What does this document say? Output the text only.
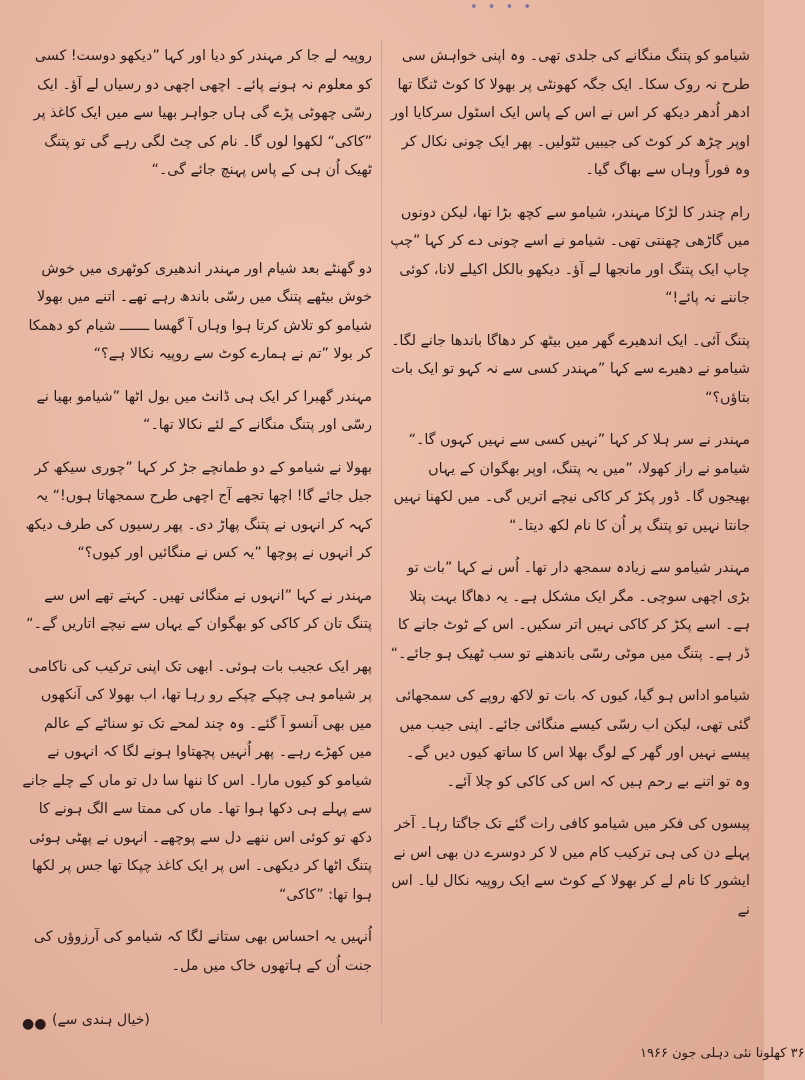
• • • •

شیامو کو پتنگ منگانے کی جلدی تھی۔ وہ اپنی خواہش سی طرح نہ روک سکا۔ ایک جگہ کھونٹی پر بھولا کا کوٹ ٹنگا تھا ادھر اُدھر دیکھ کر اس نے اس کے پاس ایک اسٹول سرکایا اور اوپر چڑھ کر کوٹ کی جیبیں ٹٹولیں۔ پھر ایک چونی نکال کر وہ فوراً وہاں سے بھاگ گیا۔

رام چندر کا لڑکا مہندر، شیامو سے کچھ بڑا تھا، لیکن دونوں میں گاڑھی چھنتی تھی۔ شیامو نے اسے چونی دے کر کہا ”چپ چاپ ایک پتنگ اور مانجھا لے آؤ۔ دیکھو بالکل اکیلے لانا، کوئی جاننے نہ پائے!“

پتنگ آئی۔ ایک اندھیرے گھر میں بیٹھ کر دھاگا باندھا جانے لگا۔ شیامو نے دھیرے سے کہا ”مہندر کسی سے نہ کہو تو ایک بات بتاؤں؟“

مہندر نے سر ہلا کر کہا ”نہیں کسی سے نہیں کہوں گا۔“ شیامو نے راز کھولا، ”میں یہ پتنگ، اوپر بھگوان کے یہاں بھیجوں گا۔ ڈور پکڑ کر کاکی نیچے اتریں گی۔ میں لکھنا نہیں جانتا نہیں تو پتنگ پر اُن کا نام لکھ دیتا۔“

مہندر شیامو سے زیادہ سمجھ دار تھا۔ اُس نے کہا ”بات تو بڑی اچھی سوچی۔ مگر ایک مشکل ہے۔ یہ دھاگا بہت پتلا ہے۔ اسے پکڑ کر کاکی نہیں اتر سکیں۔ اس کے ٹوٹ جانے کا ڈر ہے۔ پتنگ میں موٹی رسّی باندھنے تو سب ٹھیک ہو جائے۔“

شیامو اداس ہو گیا، کیوں کہ بات تو لاکھ روپے کی سمجھائی گئی تھی، لیکن اب رسّی کیسے منگائی جائے۔ اپنی جیب میں پیسے نہیں اور گھر کے لوگ بھلا اس کا ساتھ کیوں دیں گے۔ وہ تو اتنے بے رحم ہیں کہ اس کی کاکی کو چلا آئے۔

پیسوں کی فکر میں شیامو کافی رات گئے تک جاگتا رہا۔ آخر پہلے دن کی ہی ترکیب کام میں لا کر دوسرے دن بھی اس نے ایشور کا نام لے کر بھولا کے کوٹ سے ایک روپیہ نکال لیا۔ اس نے

روپیہ لے جا کر مہندر کو دیا اور کہا ”دیکھو دوست! کسی کو معلوم نہ ہونے پائے۔ اچھی اچھی دو رسیاں لے آؤ۔ ایک رسّی چھوٹی پڑے گی ہاں جواہر بھیا سے میں ایک کاغذ پر ”کاکی“ لکھوا لوں گا۔ نام کی چٹ لگی رہے گی تو پتنگ ٹھیک اُن ہی کے پاس پہنچ جائے گی۔“

دو گھنٹے بعد شیام اور مہندر اندھیری کوٹھری میں خوش خوش بیٹھے پتنگ میں رسّی باندھ رہے تھے۔ اتنے میں بھولا شیامو کو تلاش کرتا ہوا وہاں آ گھسا ـــــــ شیام کو دھمکا کر بولا ”تم نے ہمارے کوٹ سے روپیہ نکالا ہے؟“

مہندر گھبرا کر ایک ہی ڈانٹ میں بول اٹھا ”شیامو بھیا نے رسّی اور پتنگ منگانے کے لئے نکالا تھا۔“

بھولا نے شیامو کے دو طمانچے جڑ کر کہا ”چوری سیکھ کر جیل جائے گا! اچھا تجھے آج اچھی طرح سمجھاتا ہوں!“ یہ کہہ کر انہوں نے پتنگ پھاڑ دی۔ پھر رسیوں کی طرف دیکھ کر انہوں نے پوچھا ”یہ کس نے منگائیں اور کیوں؟“

مہندر نے کہا ”انہوں نے منگائی تھیں۔ کہتے تھے اس سے پتنگ تان کر کاکی کو بھگوان کے یہاں سے نیچے اتاریں گے۔“

پھر ایک عجیب بات ہوئی۔ ابھی تک اپنی ترکیب کی ناکامی پر شیامو ہی چپکے چپکے رو رہا تھا، اب بھولا کی آنکھوں میں بھی آنسو آ گئے۔ وہ چند لمحے تک تو سناٹے کے عالم میں کھڑے رہے۔ پھر اُنہیں پچھتاوا ہونے لگا کہ انہوں نے شیامو کو کیوں مارا۔ اس کا ننھا سا دل تو ماں کے چلے جانے سے پہلے ہی دکھا ہوا تھا۔ ماں کی ممتا سے الگ ہونے کا دکھ تو کوئی اس ننھے دل سے پوچھے۔ انہوں نے پھٹی ہوئی پتنگ اٹھا کر دیکھی۔ اس پر ایک کاغذ چپکا تھا جس پر لکھا ہوا تھا: ”کاکی“

اُنہیں یہ احساس بھی ستانے لگا کہ شیامو کی آرزوؤں کی جنت اُن کے ہاتھوں خاک میں مل۔

●● (خیال ہندی سے)
۳۶ کھلونا نئی دہلی جون ۱۹۶۶
